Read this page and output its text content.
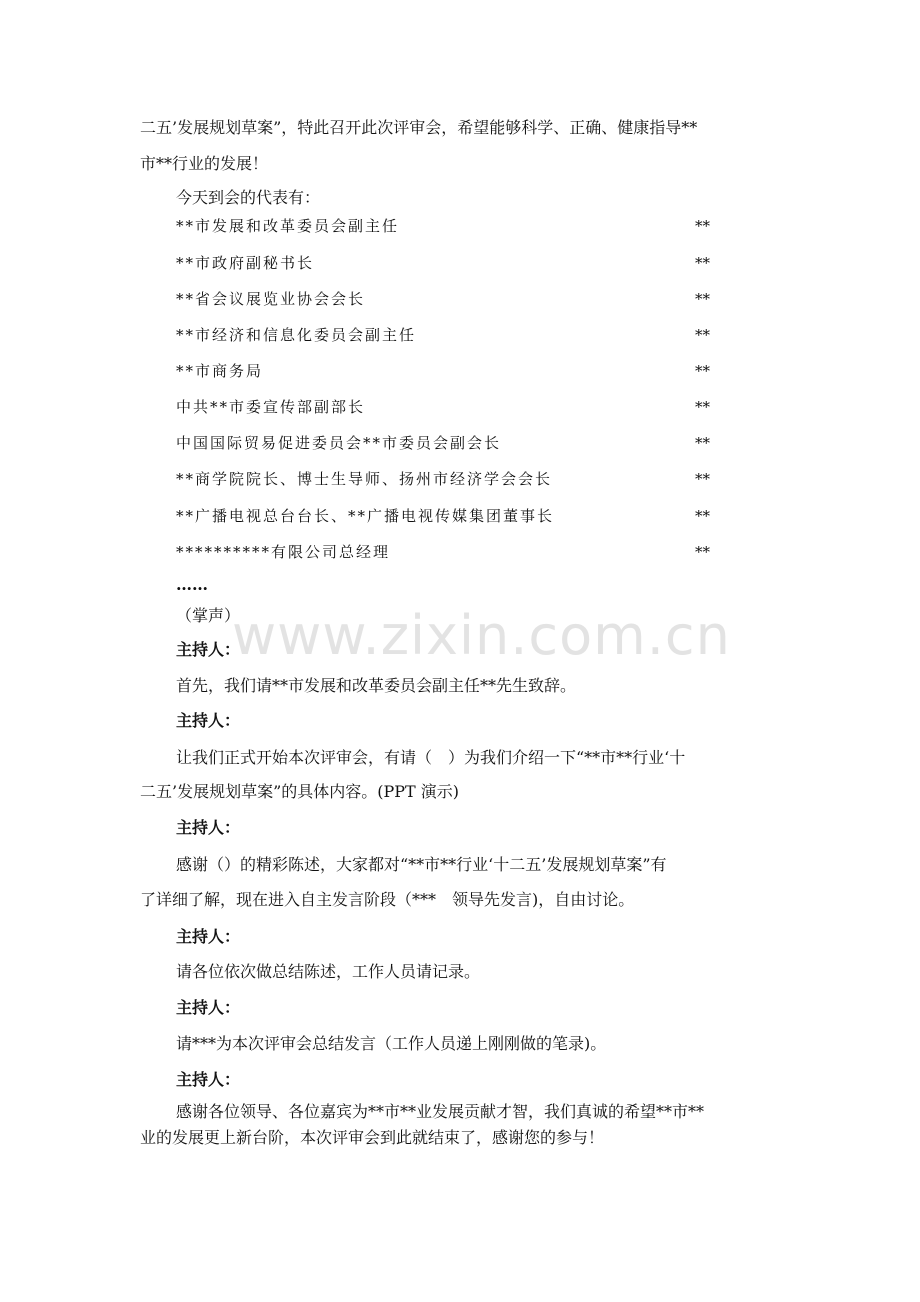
www.zixin.com.cn
二五’发展规划草案”，特此召开此次评审会，希望能够科学、正确、健康指导**
市**行业的发展！
今天到会的代表有：
**市发展和改革委员会副主任	**
**市政府副秘书长	**
**省会议展览业协会会长	**
**市经济和信息化委员会副主任	**
**市商务局	**
中共**市委宣传部副部长	**
中国国际贸易促进委员会**市委员会副会长	**
**商学院院长、博士生导师、扬州市经济学会会长	**
**广播电视总台台长、**广播电视传媒集团董事长	**
**********有限公司总经理	**
……
（掌声）
主持人：
首先，我们请**市发展和改革委员会副主任**先生致辞。
主持人：
让我们正式开始本次评审会，有请（　）为我们介绍一下“**市**行业‘十
二五’发展规划草案”的具体内容。(PPT 演示)
主持人：
感谢（）的精彩陈述，大家都对“**市**行业‘十二五’发展规划草案”有
了详细了解，现在进入自主发言阶段（***　领导先发言)，自由讨论。
主持人：
请各位依次做总结陈述，工作人员请记录。
主持人：
请***为本次评审会总结发言（工作人员递上刚刚做的笔录)。
主持人：
感谢各位领导、各位嘉宾为**市**业发展贡献才智，我们真诚的希望**市**
业的发展更上新台阶，本次评审会到此就结束了，感谢您的参与！
